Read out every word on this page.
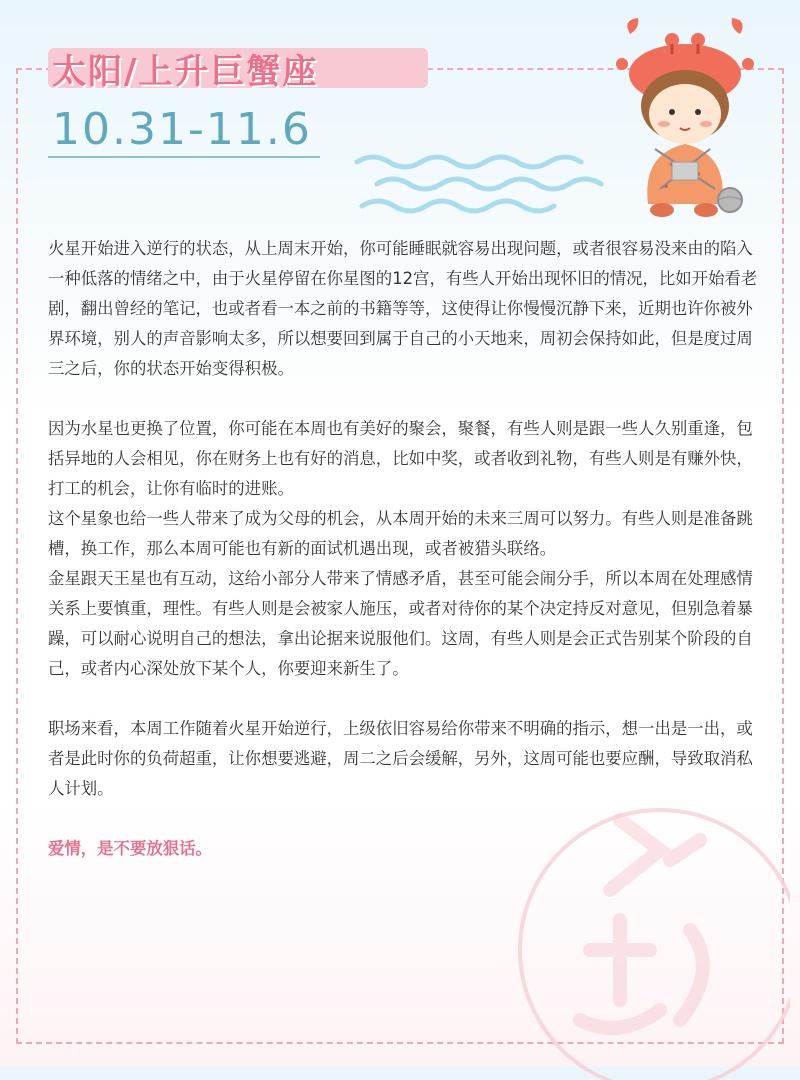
太阳/上升巨蟹座
10.31-11.6

火星开始进入逆行的状态，从上周末开始，你可能睡眠就容易出现问题，或者很容易没来由的陷入一种低落的情绪之中，由于火星停留在你星图的12宫，有些人开始出现怀旧的情况，比如开始看老剧，翻出曾经的笔记，也或者看一本之前的书籍等等，这使得让你慢慢沉静下来，近期也许你被外界环境，别人的声音影响太多，所以想要回到属于自己的小天地来，周初会保持如此，但是度过周三之后，你的状态开始变得积极。

因为水星也更换了位置，你可能在本周也有美好的聚会，聚餐，有些人则是跟一些人久别重逢，包括异地的人会相见，你在财务上也有好的消息，比如中奖，或者收到礼物，有些人则是有赚外快，打工的机会，让你有临时的进账。

这个星象也给一些人带来了成为父母的机会，从本周开始的未来三周可以努力。有些人则是准备跳槽，换工作，那么本周可能也有新的面试机遇出现，或者被猎头联络。

金星跟天王星也有互动，这给小部分人带来了情感矛盾，甚至可能会闹分手，所以本周在处理感情关系上要慎重，理性。有些人则是会被家人施压，或者对待你的某个决定持反对意见，但别急着暴躁，可以耐心说明自己的想法，拿出论据来说服他们。这周，有些人则是会正式告别某个阶段的自己，或者内心深处放下某个人，你要迎来新生了。

职场来看，本周工作随着火星开始逆行，上级依旧容易给你带来不明确的指示，想一出是一出，或者是此时你的负荷超重，让你想要逃避，周二之后会缓解，另外，这周可能也要应酬，导致取消私人计划。

爱情，是不要放狠话。
